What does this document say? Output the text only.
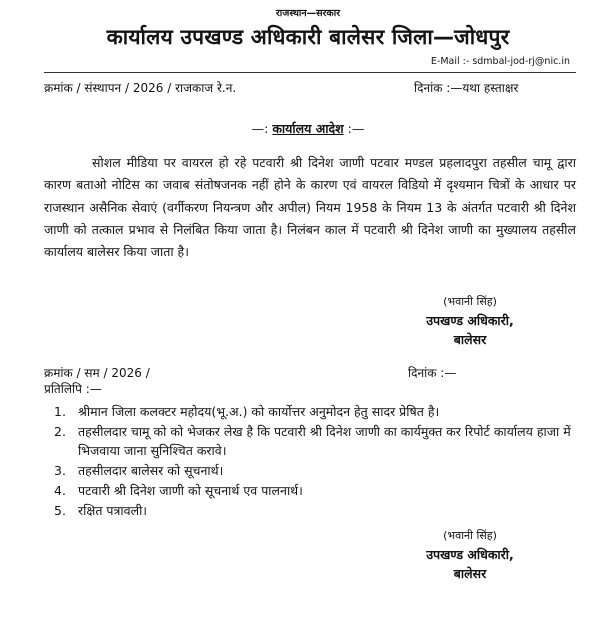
राजस्थान—सरकार
कार्यालय उपखण्ड अधिकारी बालेसर जिला—जोधपुर
E-Mail :- sdmbal-jod-rj@nic.in
क्रमांक / संस्थापन / 2026 / राजकाज रे.न.	दिनांक :—यथा हस्ताक्षर
—: कार्यालय आदेश :—
सोशल मीडिया पर वायरल हो रहे पटवारी श्री दिनेश जाणी पटवार मण्डल प्रहलादपुरा तहसील चामू द्वारा कारण बताओ नोटिस का जवाब संतोषजनक नहीं होने के कारण एवं वायरल विडियो में दृश्यमान चित्रों के आधार पर राजस्थान असैनिक सेवाएं (वर्गीकरण नियन्त्रण और अपील) नियम 1958 के नियम 13 के अंतर्गत पटवारी श्री दिनेश जाणी को तत्काल प्रभाव से निलंबित किया जाता है। निलंबन काल में पटवारी श्री दिनेश जाणी का मुख्यालय तहसील कार्यालय बालेसर किया जाता है।
(भवानी सिंह)
उपखण्ड अधिकारी,
बालेसर
क्रमांक / सम / 2026 /	दिनांक :—
प्रतिलिपि :—
1. श्रीमान जिला कलक्टर महोदय(भू.अ.) को कार्योत्तर अनुमोदन हेतु सादर प्रेषित है।
2. तहसीलदार चामू को को भेजकर लेख है कि पटवारी श्री दिनेश जाणी का कार्यमुक्त कर रिपोर्ट कार्यालय हाजा में भिजवाया जाना सुनिश्चित करावे।
3. तहसीलदार बालेसर को सूचनार्थ।
4. पटवारी श्री दिनेश जाणी को सूचनार्थ एव पालनार्थ।
5. रक्षित पत्रावली।
(भवानी सिंह)
उपखण्ड अधिकारी,
बालेसर
